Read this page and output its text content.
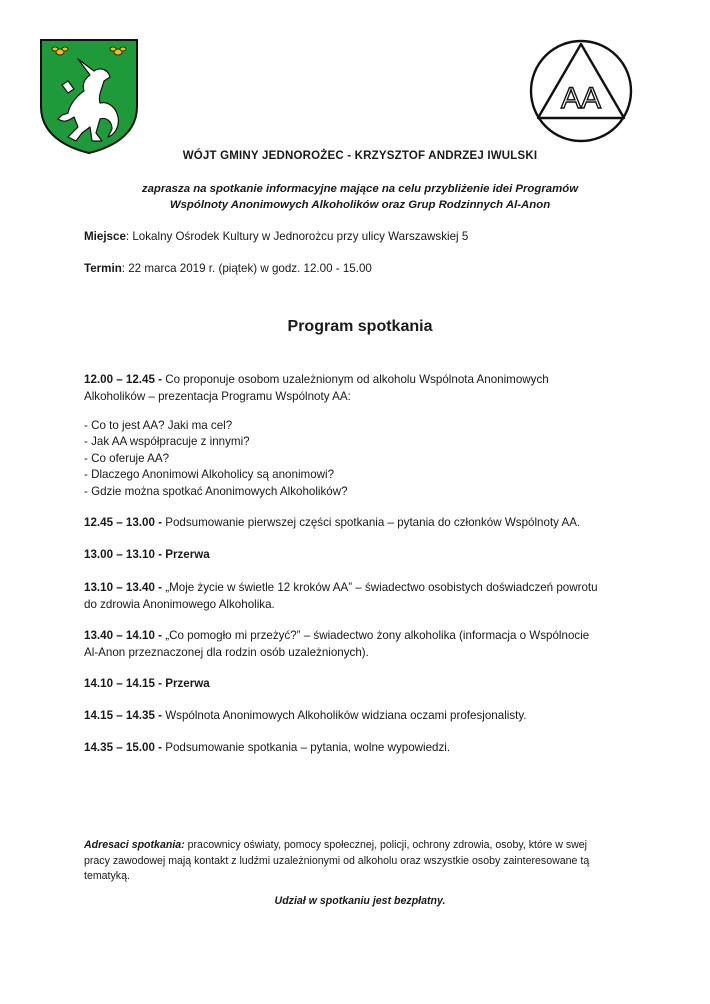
AA
WÓJT GMINY JEDNOROŻEC - KRZYSZTOF ANDRZEJ IWULSKI
zaprasza na spotkanie informacyjne mające na celu przybliżenie idei Programów
Wspólnoty Anonimowych Alkoholików oraz Grup Rodzinnych Al-Anon
Miejsce: Lokalny Ośrodek Kultury w Jednorożcu przy ulicy Warszawskiej 5
Termin: 22 marca 2019 r. (piątek) w godz. 12.00 - 15.00
Program spotkania
12.00 – 12.45 - Co proponuje osobom uzależnionym od alkoholu Wspólnota Anonimowych
Alkoholików – prezentacja Programu Wspólnoty AA:
- Co to jest AA? Jaki ma cel?
- Jak AA współpracuje z innymi?
- Co oferuje AA?
- Dlaczego Anonimowi Alkoholicy są anonimowi?
- Gdzie można spotkać Anonimowych Alkoholików?
12.45 – 13.00 - Podsumowanie pierwszej części spotkania – pytania do członków Wspólnoty AA.
13.00 – 13.10 - Przerwa
13.10 – 13.40 - „Moje życie w świetle 12 kroków AA” – świadectwo osobistych doświadczeń powrotu
do zdrowia Anonimowego Alkoholika.
13.40 – 14.10 - „Co pomogło mi przeżyć?” – świadectwo żony alkoholika (informacja o Wspólnocie
Al-Anon przeznaczonej dla rodzin osób uzależnionych).
14.10 – 14.15 - Przerwa
14.15 – 14.35 - Wspólnota Anonimowych Alkoholików widziana oczami profesjonalisty.
14.35 – 15.00 - Podsumowanie spotkania – pytania, wolne wypowiedzi.
Adresaci spotkania: pracownicy oświaty, pomocy społecznej, policji, ochrony zdrowia, osoby, które w swej
pracy zawodowej mają kontakt z ludźmi uzależnionymi od alkoholu oraz wszystkie osoby zainteresowane tą
tematyką.
Udział w spotkaniu jest bezpłatny.
